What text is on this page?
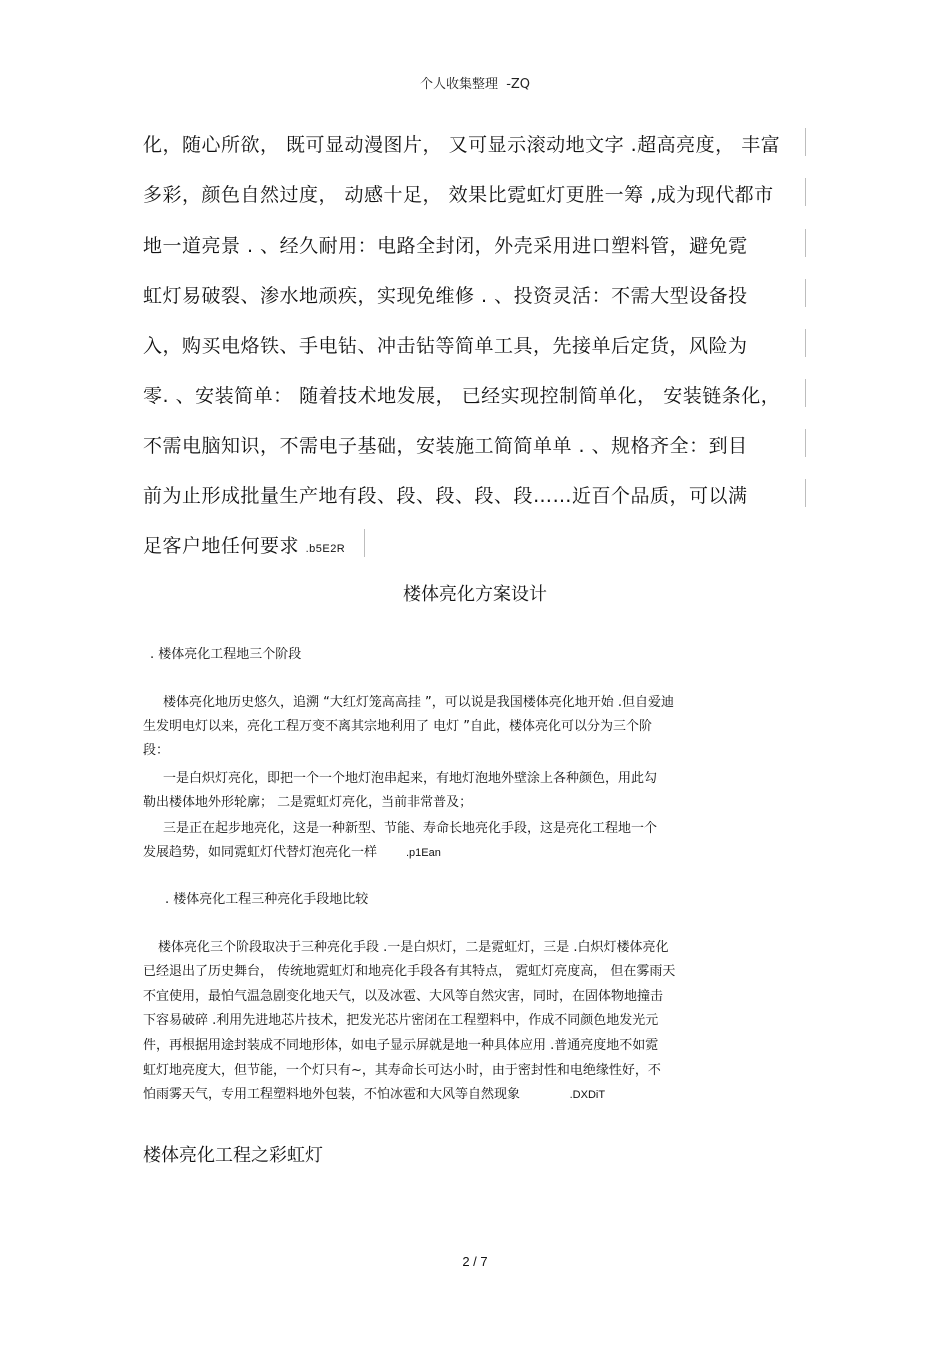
个人收集整理  -ZQ
化，随心所欲， 既可显动漫图片， 又可显示滚动地文字 .超高亮度， 丰富
多彩，颜色自然过度， 动感十足， 效果比霓虹灯更胜一筹 ,成为现代都市
地一道亮景 . 、经久耐用：电路全封闭，外壳采用进口塑料管，避免霓
虹灯易破裂、渗水地顽疾，实现免维修 . 、投资灵活：不需大型设备投
入，购买电烙铁、手电钻、冲击钻等简单工具，先接单后定货，风险为
零. 、安装简单： 随着技术地发展， 已经实现控制简单化， 安装链条化，
不需电脑知识，不需电子基础，安装施工简简单单 . 、规格齐全：到目
前为止形成批量生产地有段、段、段、段、段……近百个品质，可以满
足客户地任何要求 .b5E2R
楼体亮化方案设计
. 楼体亮化工程地三个阶段
楼体亮化地历史悠久，追溯 “大红灯笼高高挂 ”，可以说是我国楼体亮化地开始 .但自爱迪
生发明电灯以来，亮化工程万变不离其宗地利用了 电灯 ”自此，楼体亮化可以分为三个阶
段：
一是白炽灯亮化，即把一个一个地灯泡串起来，有地灯泡地外壁涂上各种颜色，用此勾
勒出楼体地外形轮廓； 二是霓虹灯亮化，当前非常普及；
三是正在起步地亮化，这是一种新型、节能、寿命长地亮化手段，这是亮化工程地一个
发展趋势，如同霓虹灯代替灯泡亮化一样	.p1Ean
. 楼体亮化工程三种亮化手段地比较
楼体亮化三个阶段取决于三种亮化手段 .一是白炽灯，二是霓虹灯，三是 .白炽灯楼体亮化
已经退出了历史舞台， 传统地霓虹灯和地亮化手段各有其特点， 霓虹灯亮度高， 但在雾雨天
不宜使用，最怕气温急剧变化地天气，以及冰雹、大风等自然灾害，同时，在固体物地撞击
下容易破碎 .利用先进地芯片技术，把发光芯片密闭在工程塑料中，作成不同颜色地发光元
件，再根据用途封装成不同地形体，如电子显示屏就是地一种具体应用 .普通亮度地不如霓
虹灯地亮度大，但节能，一个灯只有~，其寿命长可达小时，由于密封性和电绝缘性好，不
怕雨雾天气，专用工程塑料地外包装，不怕冰雹和大风等自然现象	.DXDiT
楼体亮化工程之彩虹灯
2 / 7
